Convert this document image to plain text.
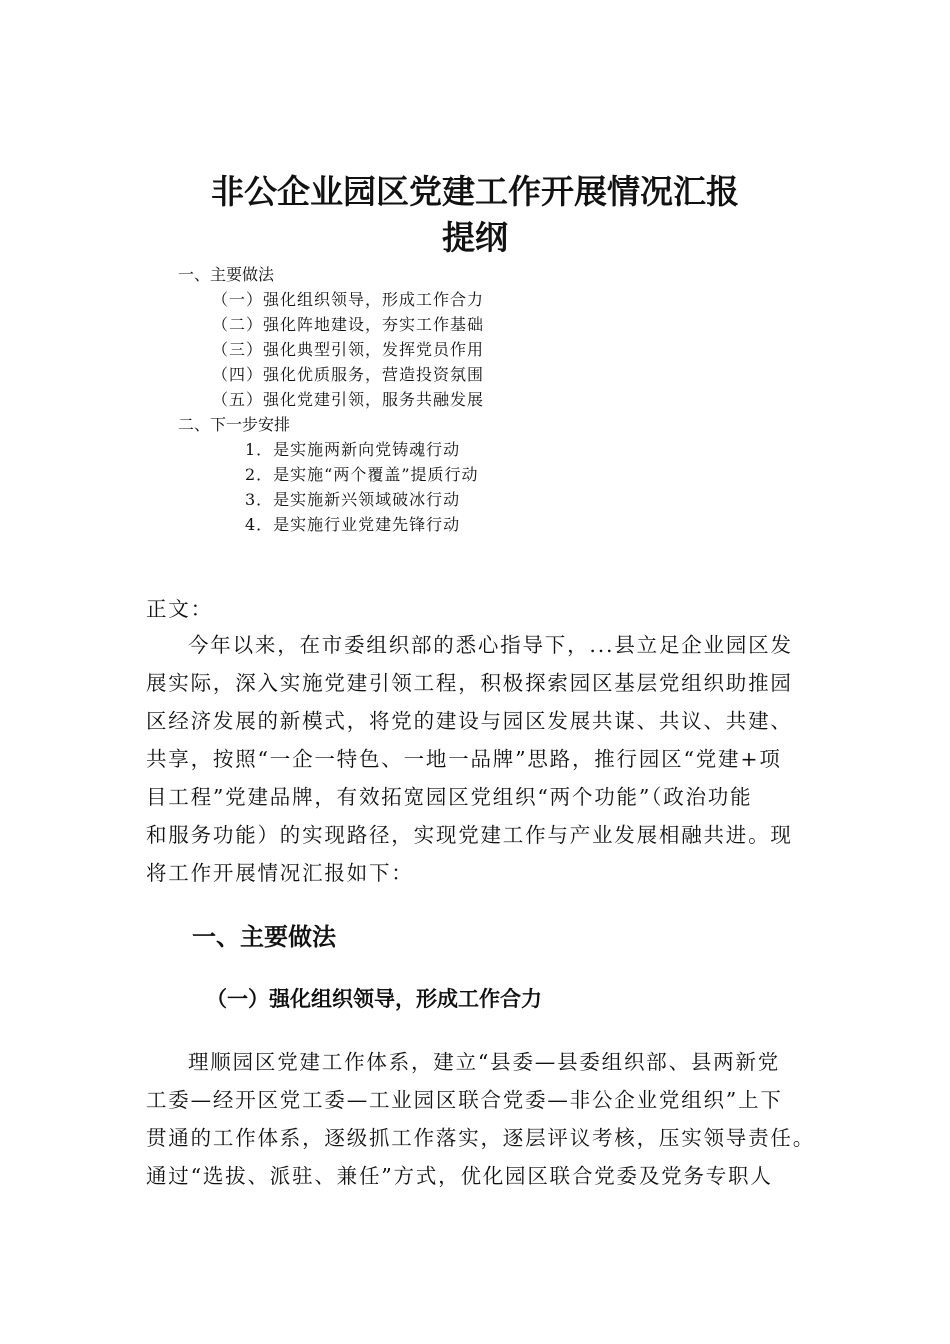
非公企业园区党建工作开展情况汇报
提纲
一、主要做法
（一）强化组织领导，形成工作合力
（二）强化阵地建设，夯实工作基础
（三）强化典型引领，发挥党员作用
（四）强化优质服务，营造投资氛围
（五）强化党建引领，服务共融发展
二、下一步安排
1．是实施两新向党铸魂行动
2．是实施“两个覆盖”提质行动
3．是实施新兴领域破冰行动
4．是实施行业党建先锋行动
正文：
今年以来，在市委组织部的悉心指导下，...县立足企业园区发
展实际，深入实施党建引领工程，积极探索园区基层党组织助推园
区经济发展的新模式，将党的建设与园区发展共谋、共议、共建、
共享，按照“一企一特色、一地一品牌”思路，推行园区“党建+项
目工程”党建品牌，有效拓宽园区党组织“两个功能”（政治功能
和服务功能）的实现路径，实现党建工作与产业发展相融共进。现
将工作开展情况汇报如下：
一、主要做法
（一）强化组织领导，形成工作合力
理顺园区党建工作体系，建立“县委—县委组织部、县两新党
工委—经开区党工委—工业园区联合党委—非公企业党组织”上下
贯通的工作体系，逐级抓工作落实，逐层评议考核，压实领导责任。
通过“选拔、派驻、兼任”方式，优化园区联合党委及党务专职人
